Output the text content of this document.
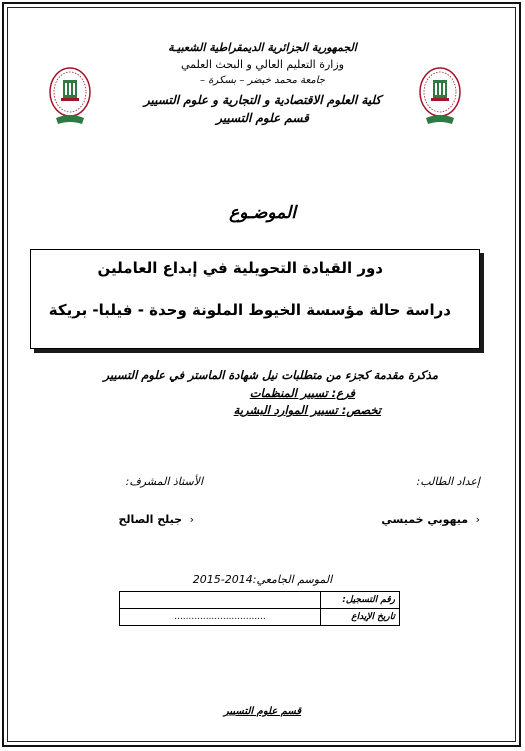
الجمهورية الجزائرية الديمقراطية الشعبيـة
وزارة التعليم العالي و البحث العلمي
جامعة محمد خيضر – بسكرة –
كلية العلوم الاقتصادية و التجارية و علوم التسيير
قسم علوم التسيير
الموضـوع
دور القيادة التحويلية في إبداع العاملين
دراسة حالة مؤسسة الخيوط الملونة وحدة - فيلبا- بريكة
مذكرة مقدمة كجزء من متطلبات نيل شهادة الماستر في علوم التسيير
فرع: تسيير المنظمات
تخصص: تسيير الموارد البشرية
إعداد الطالب:
الأستاذ المشرف:
ميهوبي خميسي ›
جيلح الصالح ›
الموسم الجامعي:2014-2015
	رقم التسجيل:
................................	تاريخ الإيداع
قسم علوم التسيير
